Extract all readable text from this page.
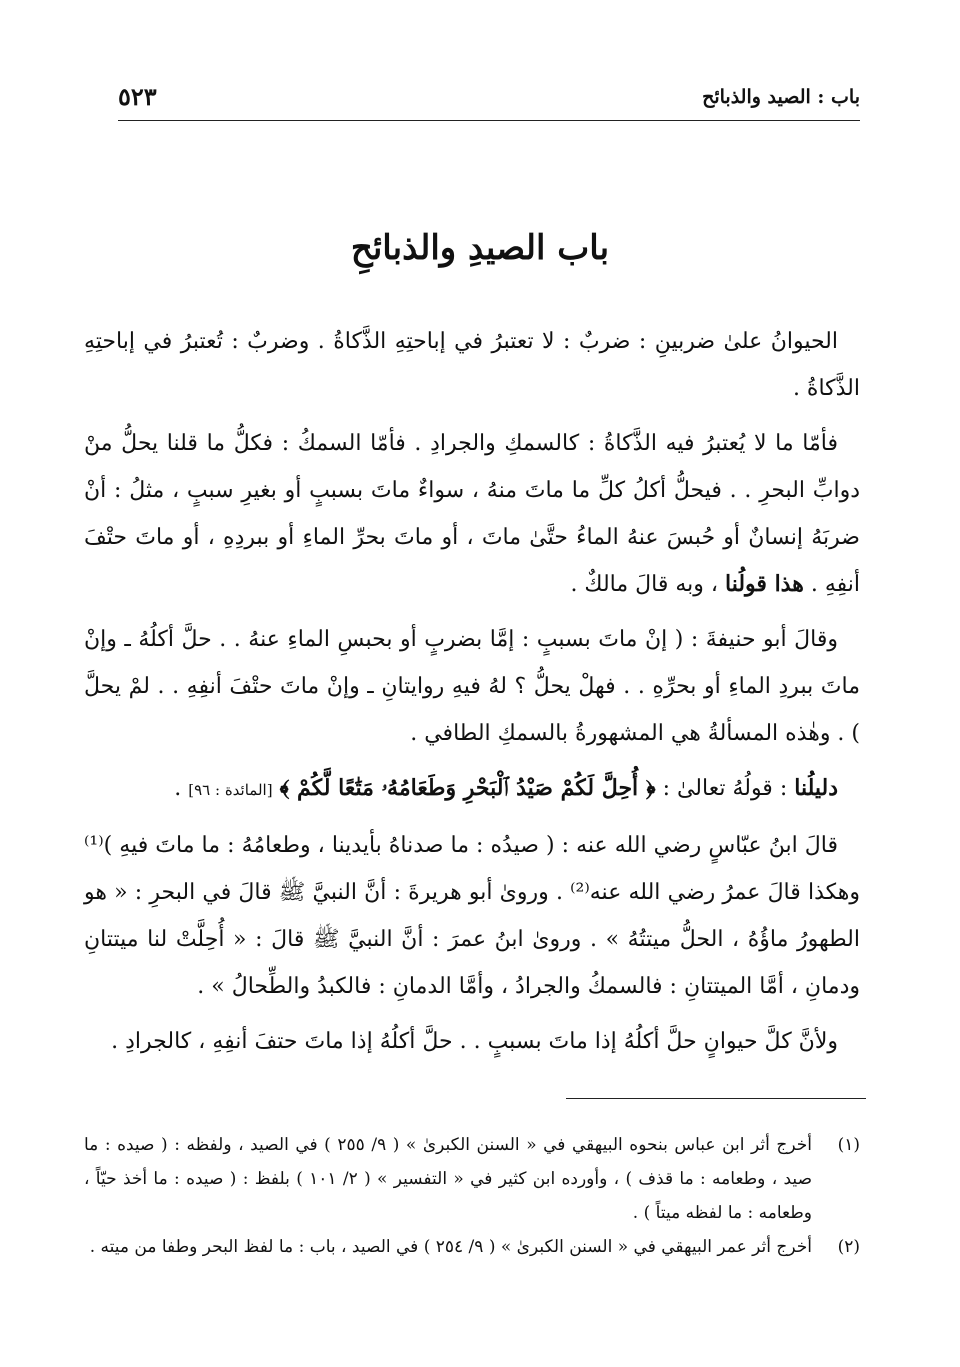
باب : الصيد والذبائح
٥٢٣
باب الصيدِ والذبائحِ

الحيوانُ علىٰ ضربينِ : ضربٌ : لا تعتبرُ في إباحتِهِ الذَّكاةُ . وضربٌ : تُعتبرُ في إباحتِهِ الذَّكاةُ .

فأمّا ما لا يُعتبرُ فيه الذَّكاةُ : كالسمكِ والجرادِ . فأمّا السمكُ : فكلُّ ما قلنا يحلُّ منْ دوابِّ البحرِ . . فيحلُّ أكلُ كلِّ ما ماتَ منهُ ، سواءٌ ماتَ بسببٍ أو بغيرِ سببٍ ، مثلُ : أنْ ضربَهُ إنسانٌ أو حُبسَ عنهُ الماءُ حتَّىٰ ماتَ ، أو ماتَ بحرِّ الماءِ أو ببردِهِ ، أو ماتَ حتْفَ أنفِهِ . هذا قولُنا ، وبه قالَ مالكٌ .

وقالَ أبو حنيفةَ : ( إنْ ماتَ بسببٍ : إمَّا بضربٍ أو بحبسِ الماءِ عنهُ . . حلَّ أكلُهُ ـ وإنْ ماتَ ببردِ الماءِ أو بحرِّهِ . . فهلْ يحلُّ ؟ لهُ فيهِ روايتانِ ـ وإنْ ماتَ حتْفَ أنفِهِ . . لمْ يحلَّ ) . وهٰذه المسألةُ هي المشهورةُ بالسمكِ الطافي .

دليلُنا : قولُهُ تعالىٰ : ﴿ أُحِلَّ لَكُمْ صَيْدُ ٱلْبَحْرِ وَطَعَامُهُۥ مَتَٰعًا لَّكُمْ ﴾ [المائدة : ٩٦] .

قالَ ابنُ عبّاسٍ رضي الله عنه : ( صيدُه : ما صدناهُ بأيدينا ، وطعامُهُ : ما ماتَ فيهِ )⁽¹⁾ وهكذا قالَ عمرُ رضي الله عنه⁽²⁾ . وروىٰ أبو هريرةَ : أنَّ النبيَّ ﷺ قالَ في البحرِ : « هو الطهورُ ماؤُهُ ، الحلُّ ميتتُهُ » . وروىٰ ابنُ عمرَ : أنَّ النبيَّ ﷺ قالَ : « أُحِلَّتْ لنا ميتتانِ ودمانِ ، أمَّا الميتتانِ : فالسمكُ والجرادُ ، وأمَّا الدمانِ : فالكبدُ والطِّحالُ » .

ولأنَّ كلَّ حيوانٍ حلَّ أكلُهُ إذا ماتَ بسببٍ . . حلَّ أكلُهُ إذا ماتَ حتفَ أنفِهِ ، كالجرادِ .

(١)
أخرج أثر ابن عباس بنحوه البيهقي في « السنن الكبرىٰ » ( ٩/ ٢٥٥ ) في الصيد ، ولفظه : ( صيده : ما صيد ، وطعامه : ما قذف ) ، وأورده ابن كثير في « التفسير » ( ٢/ ١٠١ ) بلفظ : ( صيده : ما أخذ حيّاً ، وطعامه : ما لفظه ميتاً ) .
(٢)
أخرج أثر عمر البيهقي في « السنن الكبرىٰ » ( ٩/ ٢٥٤ ) في الصيد ، باب : ما لفظ البحر وطفا من ميته .
